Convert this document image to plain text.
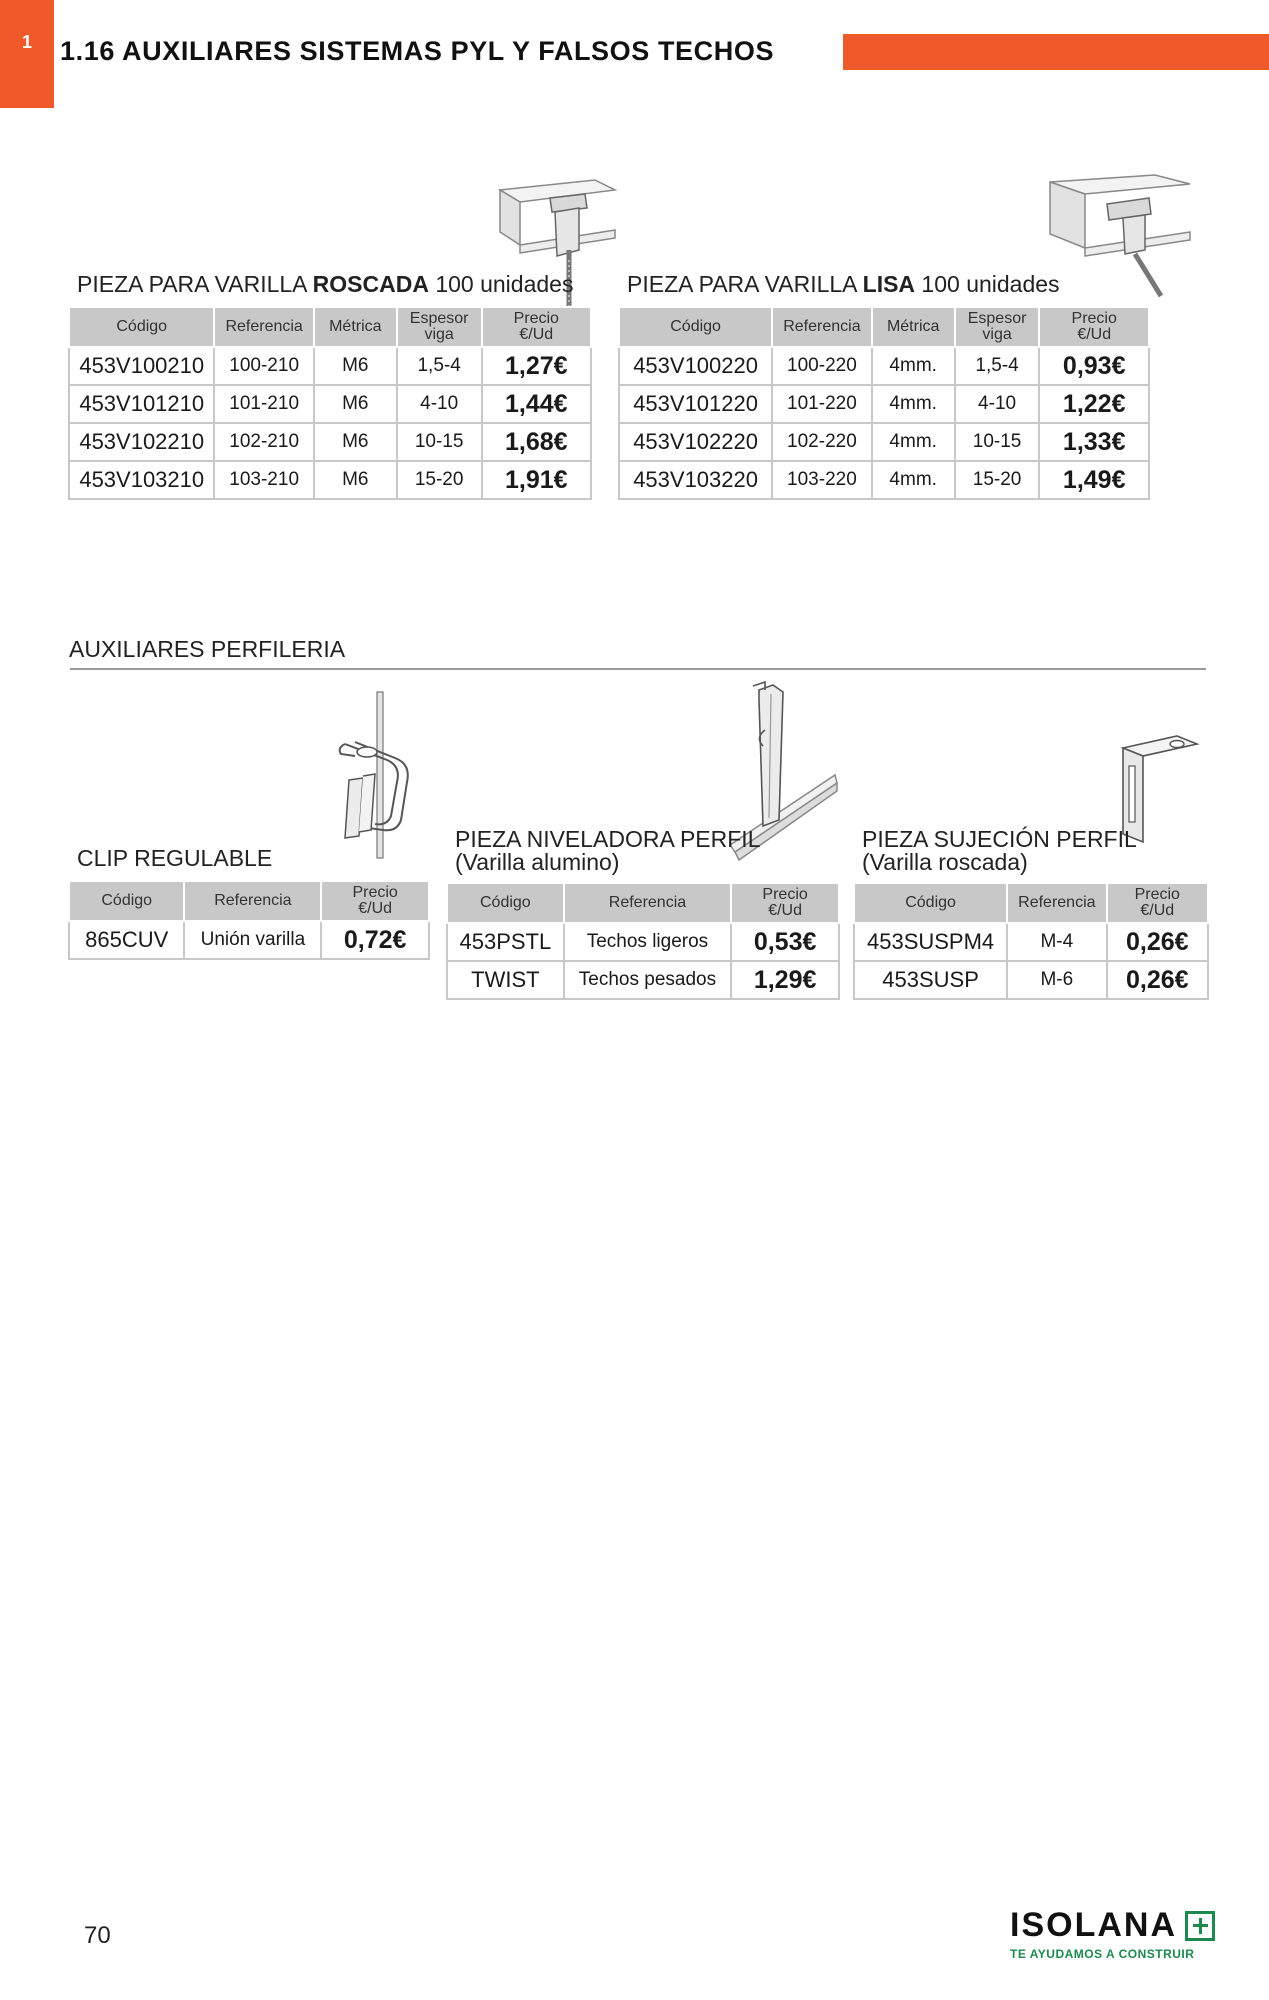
1 1.16 AUXILIARES SISTEMAS PYL Y FALSOS TECHOS
PIEZA PARA VARILLA ROSCADA 100 unidades
Código	Referencia	Métrica	Espesor viga	Precio €/Ud
453V100210	100-210	M6	1,5-4	1,27€
453V101210	101-210	M6	4-10	1,44€
453V102210	102-210	M6	10-15	1,68€
453V103210	103-210	M6	15-20	1,91€
PIEZA PARA VARILLA LISA 100 unidades
Código	Referencia	Métrica	Espesor viga	Precio €/Ud
453V100220	100-220	4mm.	1,5-4	0,93€
453V101220	101-220	4mm.	4-10	1,22€
453V102220	102-220	4mm.	10-15	1,33€
453V103220	103-220	4mm.	15-20	1,49€
AUXILIARES PERFILERIA
CLIP REGULABLE
Código	Referencia	Precio €/Ud
865CUV	Unión varilla	0,72€
PIEZA NIVELADORA PERFIL
(Varilla alumino)
Código	Referencia	Precio €/Ud
453PSTL	Techos ligeros	0,53€
TWIST	Techos pesados	1,29€
PIEZA SUJECIÓN PERFIL
(Varilla roscada)
Código	Referencia	Precio €/Ud
453SUSPM4	M-4	0,26€
453SUSP	M-6	0,26€
70	ISOLANA
TE AYUDAMOS A CONSTRUIR
